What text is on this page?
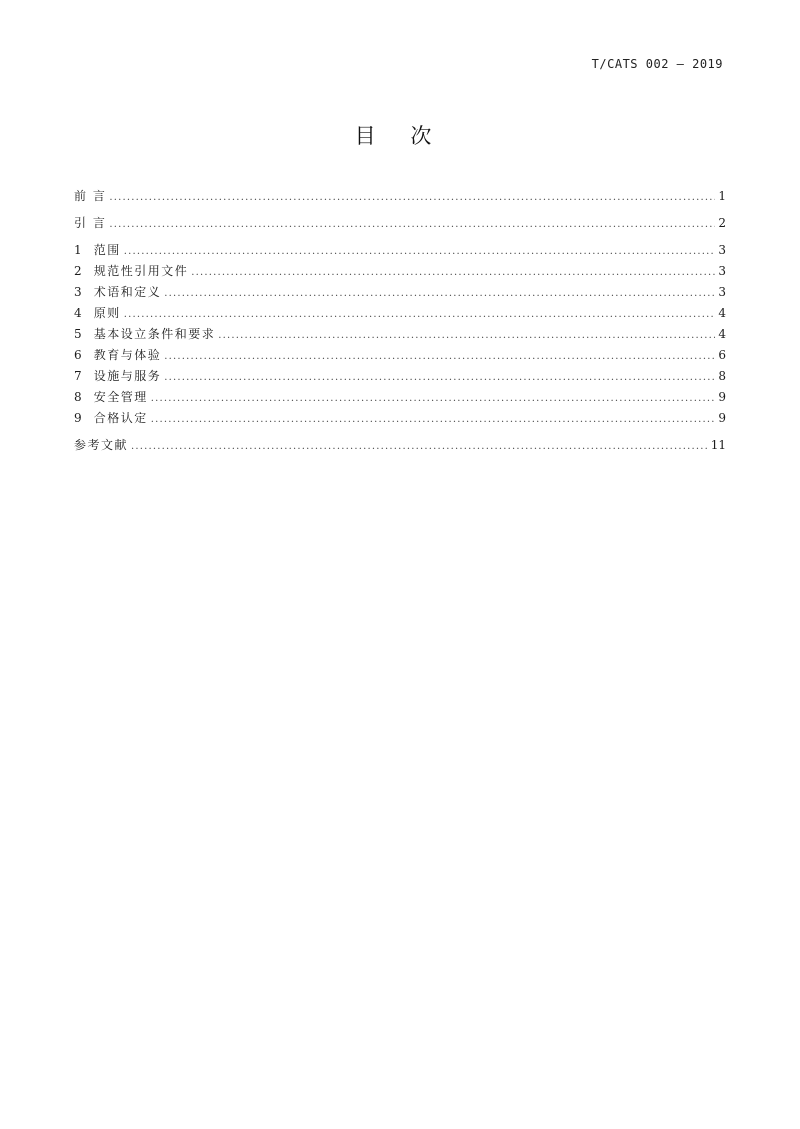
T/CATS 002 — 2019
目 次
前 言 .....	1
引 言 .....	2
1  范围 .....	3
2  规范性引用文件 .....	3
3  术语和定义 .....	3
4  原则 .....	4
5  基本设立条件和要求 .....	4
6  教育与体验 .....	6
7  设施与服务 .....	8
8  安全管理 .....	9
9  合格认定 .....	9
参考文献 .....	11
